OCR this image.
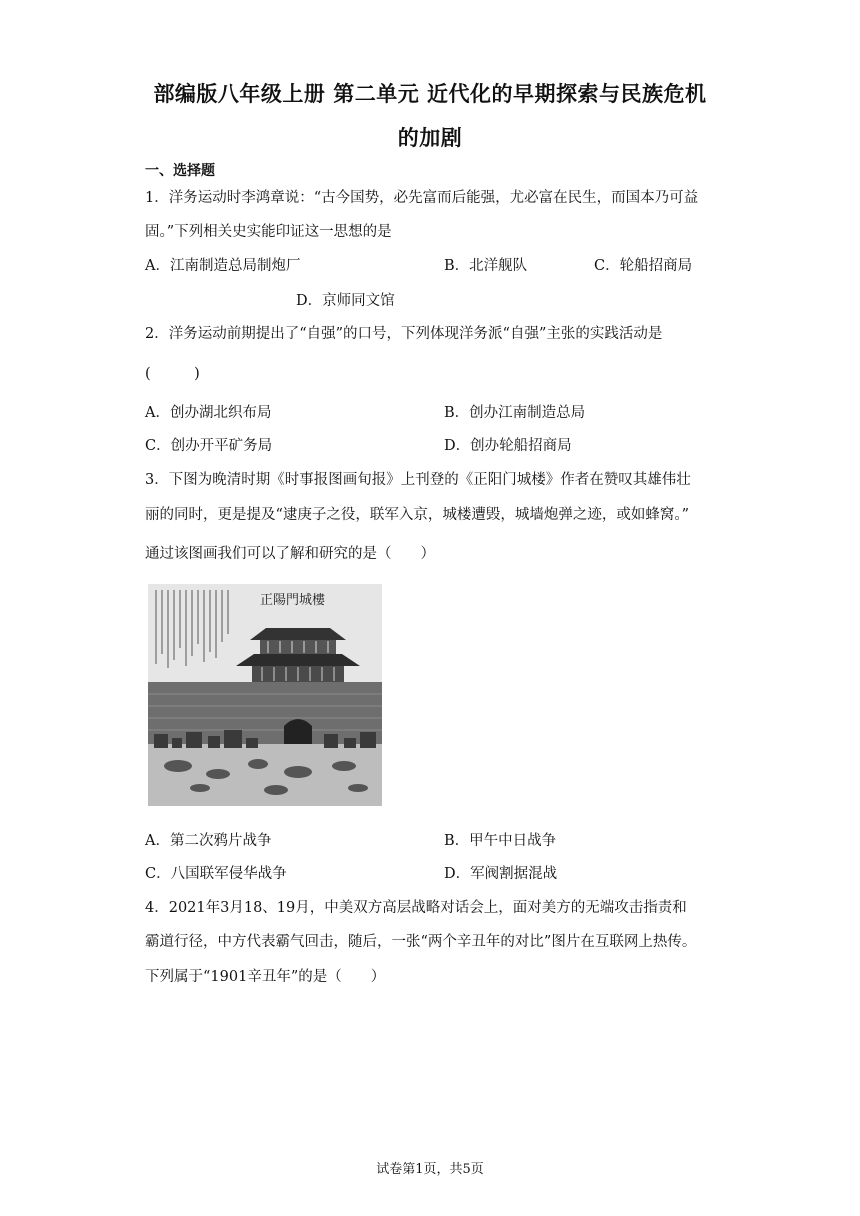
部编版八年级上册 第二单元 近代化的早期探索与民族危机
的加剧
一、选择题
1．洋务运动时李鸿章说：“古今国势，必先富而后能强，尤必富在民生，而国本乃可益
固。”下列相关史实能印证这一思想的是
A．江南制造总局制炮厂	B．北洋舰队	C．轮船招商局
D．京师同文馆
2．洋务运动前期提出了“自强”的口号，下列体现洋务派“自强”主张的实践活动是
(　　　)
A．创办湖北织布局	B．创办江南制造总局
C．创办开平矿务局	D．创办轮船招商局
3．下图为晚清时期《时事报图画旬报》上刊登的《正阳门城楼》作者在赞叹其雄伟壮
丽的同时，更是提及“逮庚子之役，联军入京，城楼遭毁，城墙炮弹之迹，或如蜂窝。”
通过该图画我们可以了解和研究的是（　　）
正陽門城樓
A．第二次鸦片战争	B．甲午中日战争
C．八国联军侵华战争	D．军阀割据混战
4．2021年3月18、19月，中美双方高层战略对话会上，面对美方的无端攻击指责和
霸道行径，中方代表霸气回击，随后，一张“两个辛丑年的对比”图片在互联网上热传。
下列属于“1901辛丑年”的是（　　）
试卷第1页，共5页
